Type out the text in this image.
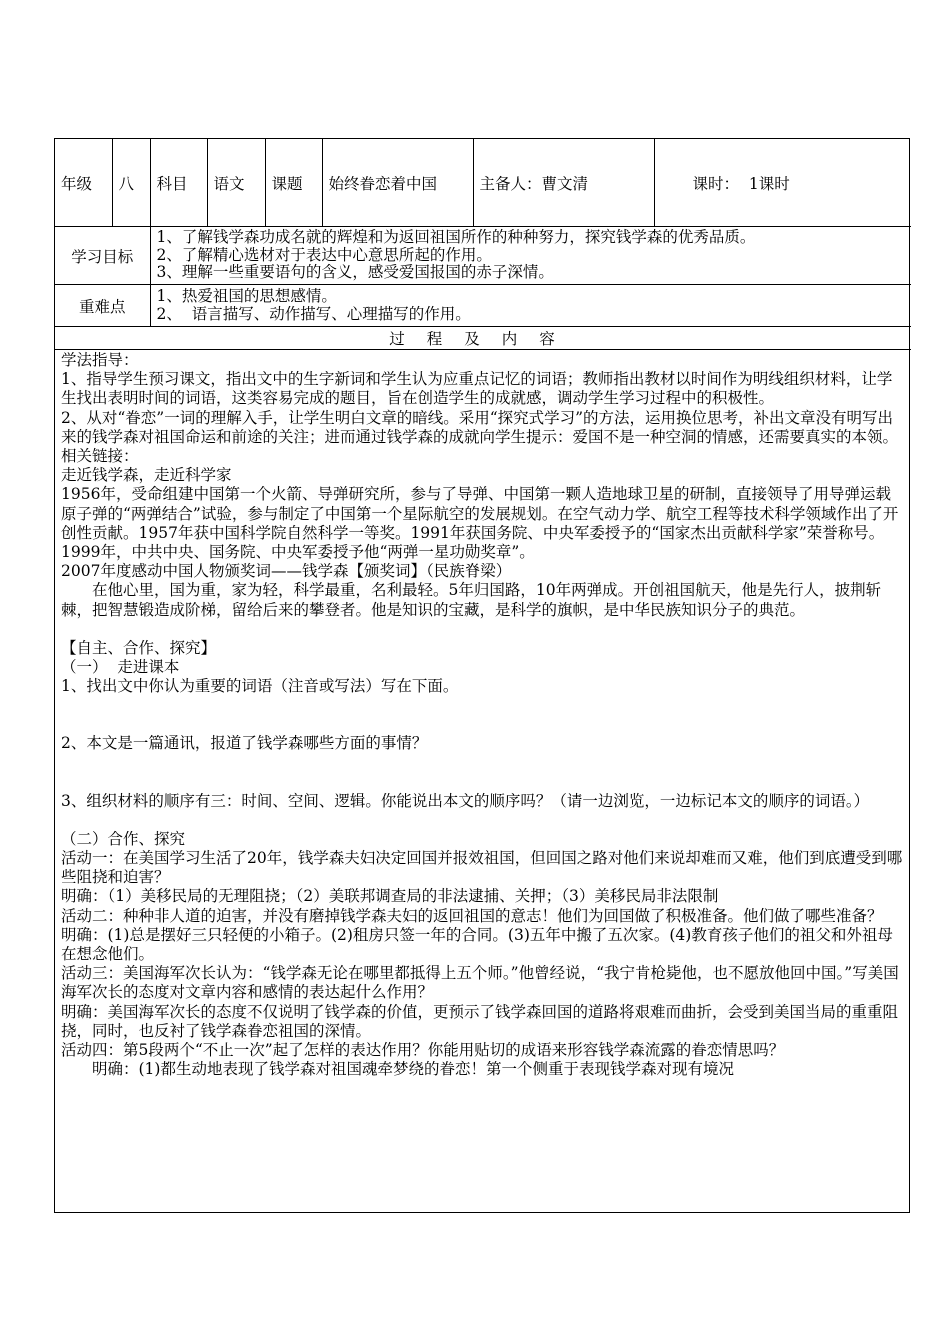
年级	八	科目	语文	课题	始终眷恋着中国	主备人：曹文清	课时：  1课时
学习目标		1、了解钱学森功成名就的辉煌和为返回祖国所作的种种努力，探究钱学森的优秀品质。
2、了解精心选材对于表达中心意思所起的作用。
3、理解一些重要语句的含义，感受爱国报国的赤子深情。					

重难点		1、热爱祖国的思想感情。
2、  语言描写、动作描写、心理描写的作用。					

过程及内容							

学法指导：

1、指导学生预习课文，指出文中的生字新词和学生认为应重点记忆的词语；教师指出教材以时间作为明线组织材料，让学生找出表明时间的词语，这类容易完成的题目，旨在创造学生的成就感，调动学生学习过程中的积极性。

2、从对“眷恋”一词的理解入手，让学生明白文章的暗线。采用“探究式学习”的方法，运用换位思考，补出文章没有明写出来的钱学森对祖国命运和前途的关注；进而通过钱学森的成就向学生提示：爱国不是一种空洞的情感，还需要真实的本领。

相关链接：

走近钱学森，走近科学家

1956年，受命组建中国第一个火箭、导弹研究所，参与了导弹、中国第一颗人造地球卫星的研制，直接领导了用导弹运载原子弹的“两弹结合”试验，参与制定了中国第一个星际航空的发展规划。在空气动力学、航空工程等技术科学领域作出了开创性贡献。1957年获中国科学院自然科学一等奖。1991年获国务院、中央军委授予的“国家杰出贡献科学家”荣誉称号。1999年，中共中央、国务院、中央军委授予他“两弹一星功勋奖章”。

2007年度感动中国人物颁奖词——钱学森【颁奖词】（民族脊梁）

在他心里，国为重，家为轻，科学最重，名利最轻。5年归国路，10年两弹成。开创祖国航天，他是先行人，披荆斩棘，把智慧锻造成阶梯，留给后来的攀登者。他是知识的宝藏，是科学的旗帜，是中华民族知识分子的典范。

【自主、合作、探究】

（一）  走进课本

1、找出文中你认为重要的词语（注音或写法）写在下面。

2、本文是一篇通讯，报道了钱学森哪些方面的事情？

3、组织材料的顺序有三：时间、空间、逻辑。你能说出本文的顺序吗？（请一边浏览，一边标记本文的顺序的词语。）

（二）合作、探究

活动一：在美国学习生活了20年，钱学森夫妇决定回国并报效祖国，但回国之路对他们来说却难而又难，他们到底遭受到哪些阻挠和迫害？

明确：（1）美移民局的无理阻挠；（2）美联邦调查局的非法逮捕、关押；（3）美移民局非法限制

活动二：种种非人道的迫害，并没有磨掉钱学森夫妇的返回祖国的意志！他们为回国做了积极准备。他们做了哪些准备？

明确：(1)总是摆好三只轻便的小箱子。(2)租房只签一年的合同。(3)五年中搬了五次家。(4)教育孩子他们的祖父和外祖母在想念他们。

活动三：美国海军次长认为：“钱学森无论在哪里都抵得上五个师。”他曾经说，“我宁肯枪毙他，也不愿放他回中国。”写美国海军次长的态度对文章内容和感情的表达起什么作用？

明确：美国海军次长的态度不仅说明了钱学森的价值，更预示了钱学森回国的道路将艰难而曲折，会受到美国当局的重重阻挠，同时，也反衬了钱学森眷恋祖国的深情。

活动四：第5段两个“不止一次”起了怎样的表达作用？你能用贴切的成语来形容钱学森流露的眷恋情思吗？

明确：(1)都生动地表现了钱学森对祖国魂牵梦绕的眷恋！第一个侧重于表现钱学森对现有境况
